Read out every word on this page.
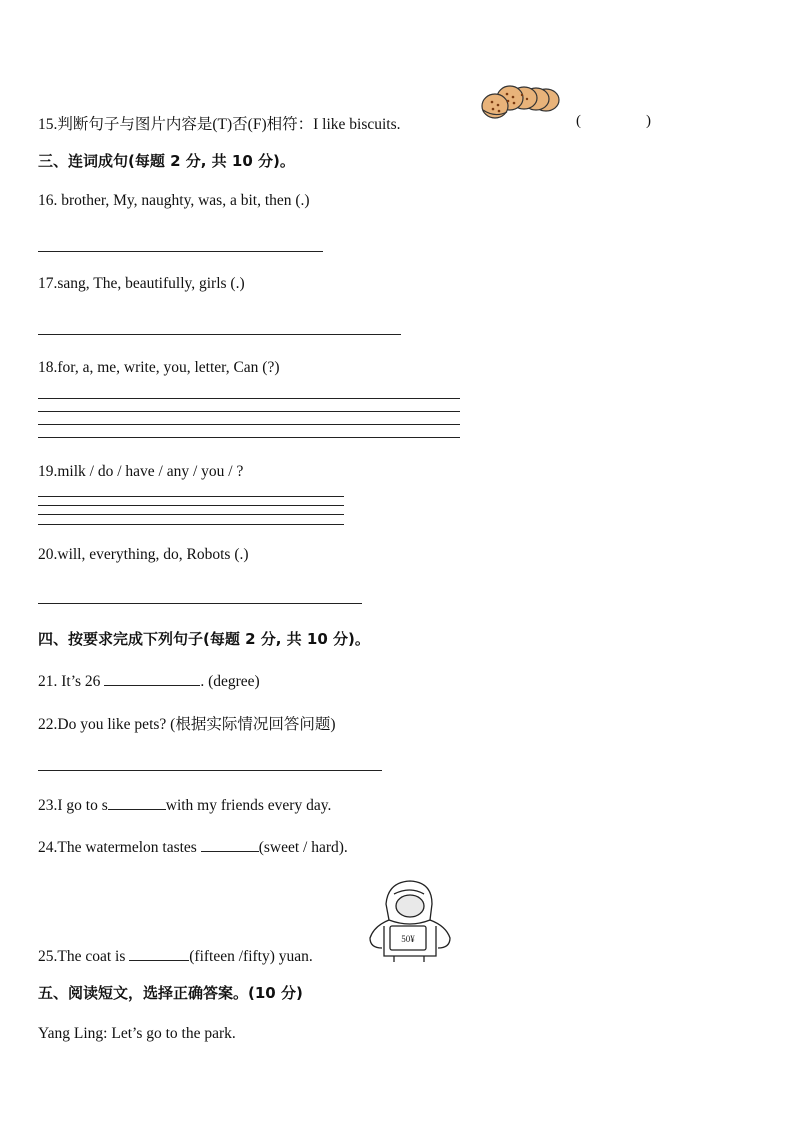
15.判断句子与图片内容是(T)否(F)相符：I like biscuits.	(	)
三、连词成句(每题 2 分, 共 10 分)。
16. brother, My, naughty, was, a bit, then (.)
17.sang, The, beautifully, girls (.)
18.for, a, me, write, you, letter, Can (?)
19.milk / do / have / any / you / ?
20.will, everything, do, Robots (.)
四、按要求完成下列句子(每题 2 分, 共 10 分)。
21. It’s 26	. (degree)
22.Do you like pets? (根据实际情况回答问题)
23.I go to s	with my friends every day.
24.The watermelon tastes	(sweet / hard).
25.The coat is	(fifteen /fifty) yuan.
50¥
五、阅读短文，选择正确答案。(10 分)
Yang Ling: Let’s go to the park.
